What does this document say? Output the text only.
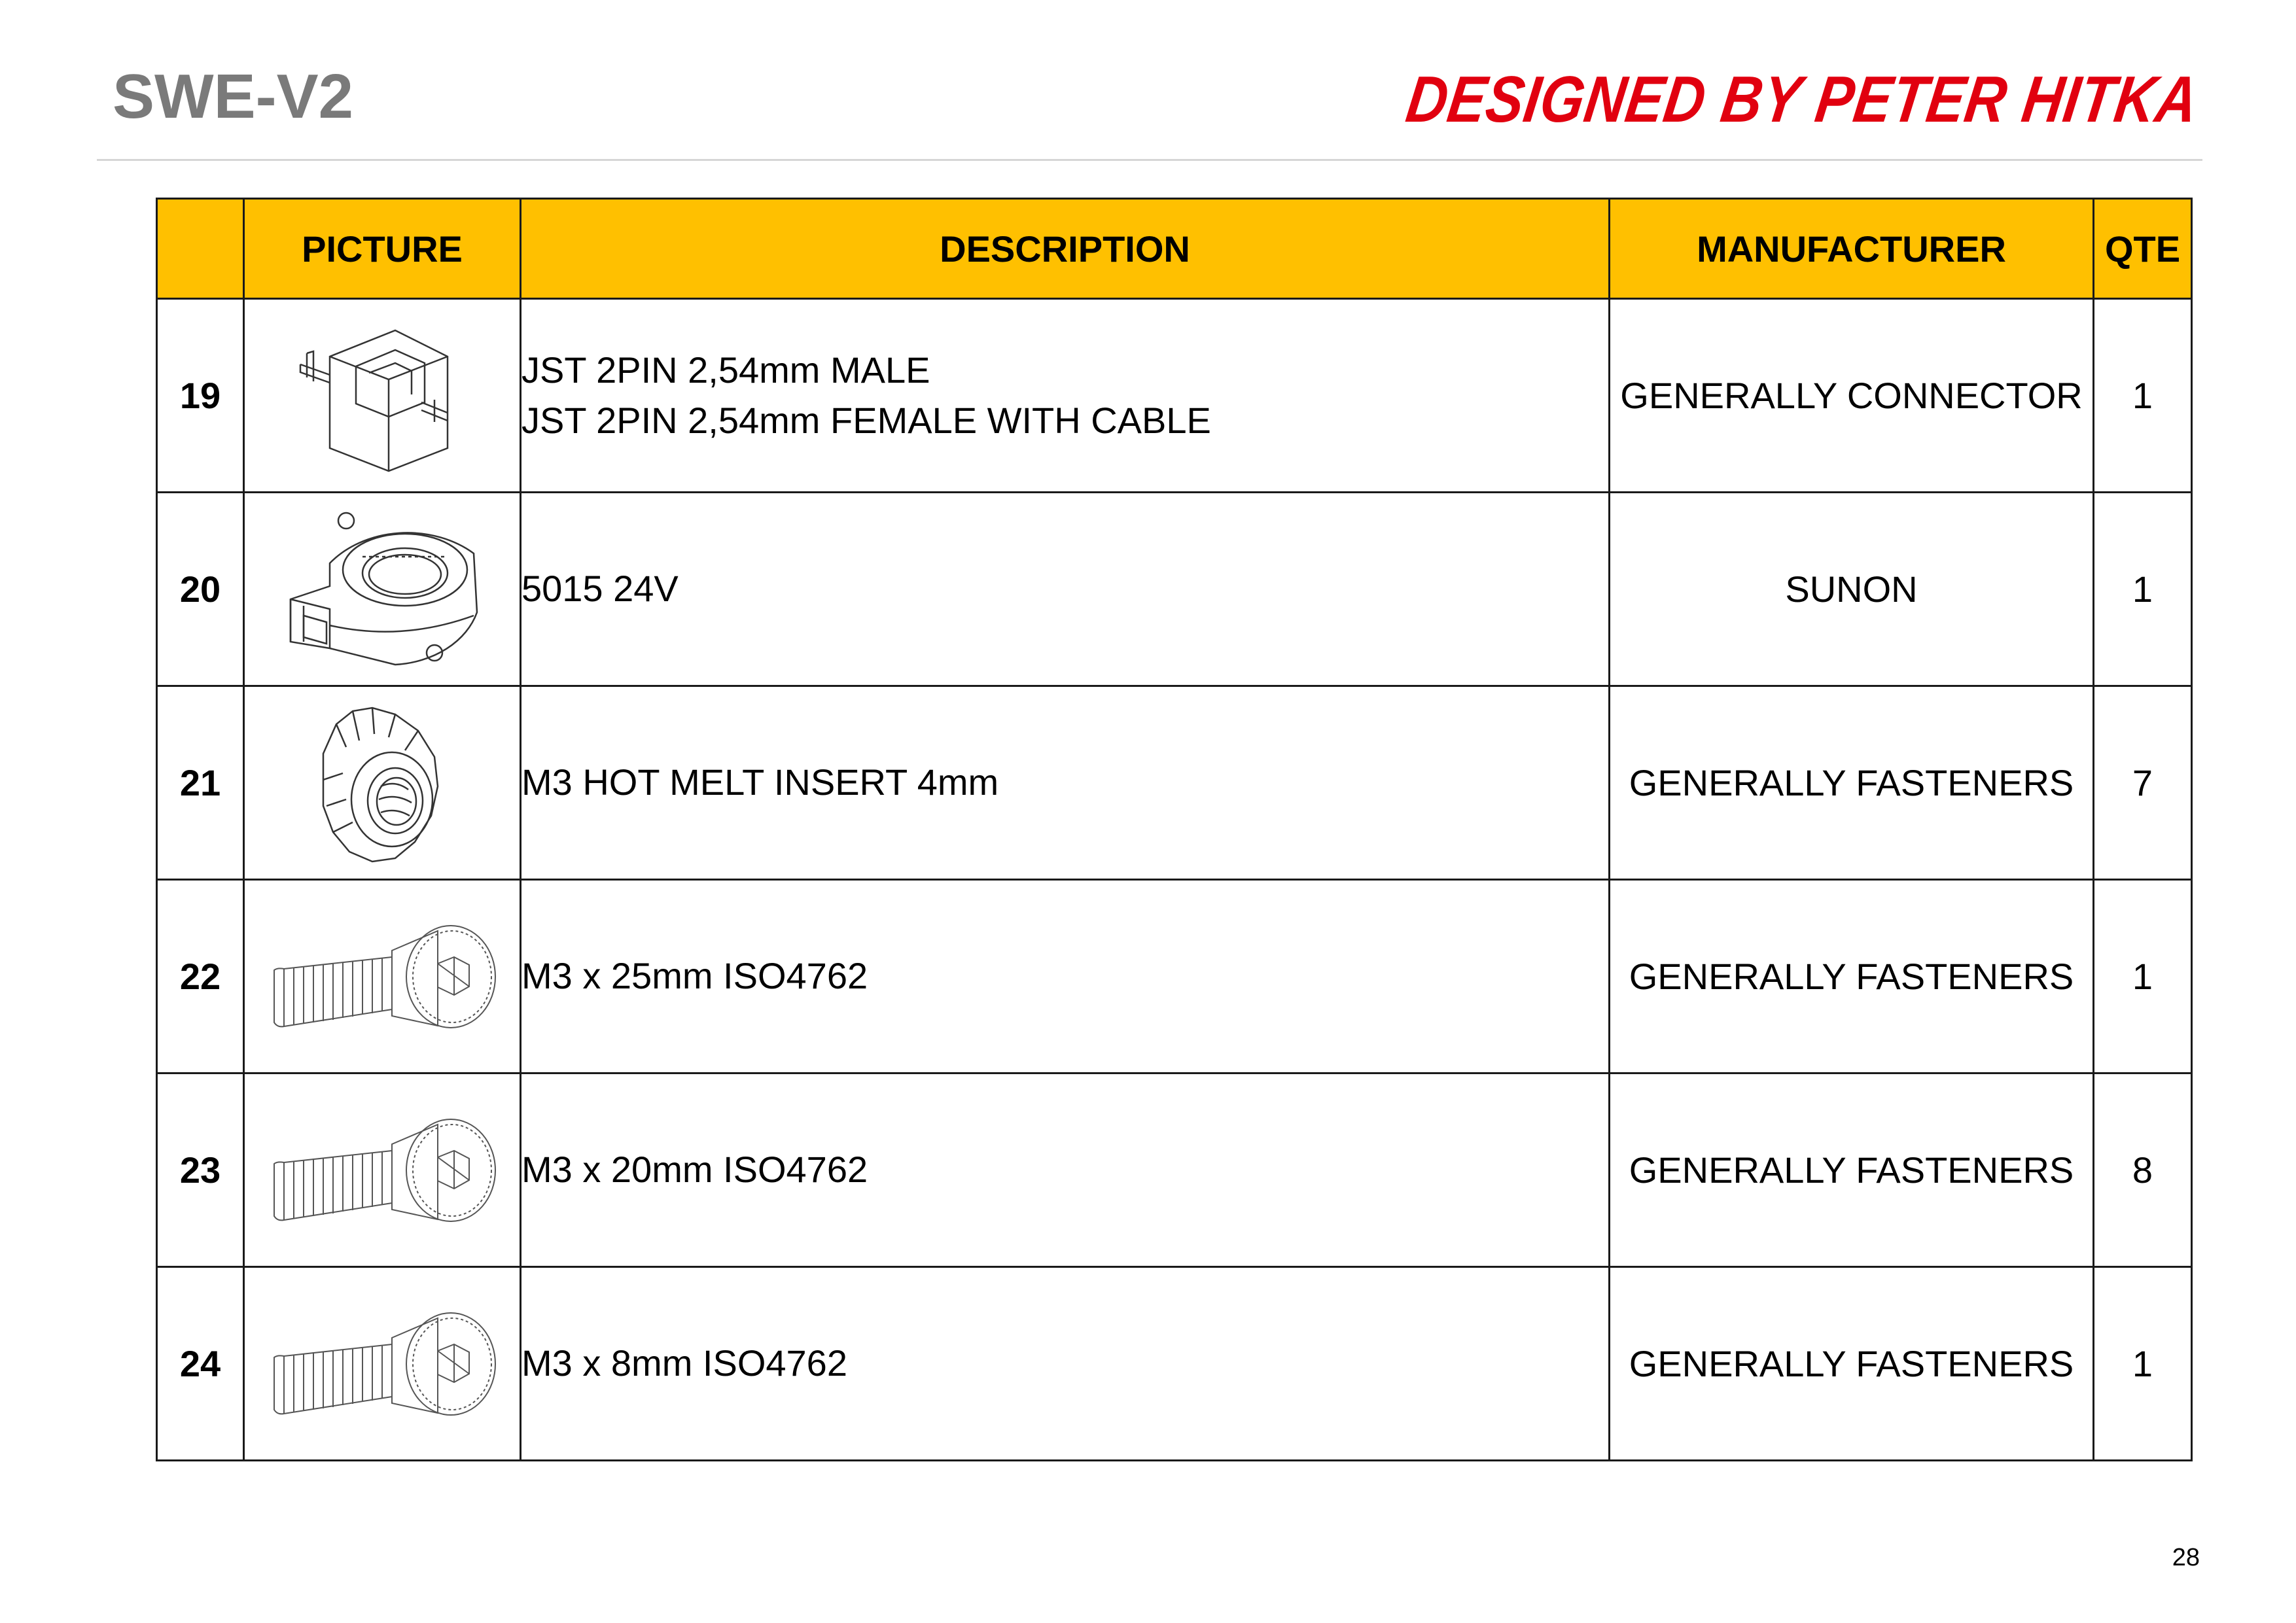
SWE-V2	DESIGNED BY PETER HITKA
	PICTURE	DESCRIPTION	MANUFACTURER	QTE
19		JST 2PIN 2,54mm MALE
JST 2PIN 2,54mm FEMALE WITH CABLE	GENERALLY CONNECTOR	1
20		5015 24V	SUNON	1
21		M3 HOT MELT INSERT 4mm	GENERALLY FASTENERS	7
22		M3 x 25mm ISO4762	GENERALLY FASTENERS	1
23		M3 x 20mm ISO4762	GENERALLY FASTENERS	8
24		M3 x 8mm ISO4762	GENERALLY FASTENERS	1
28
